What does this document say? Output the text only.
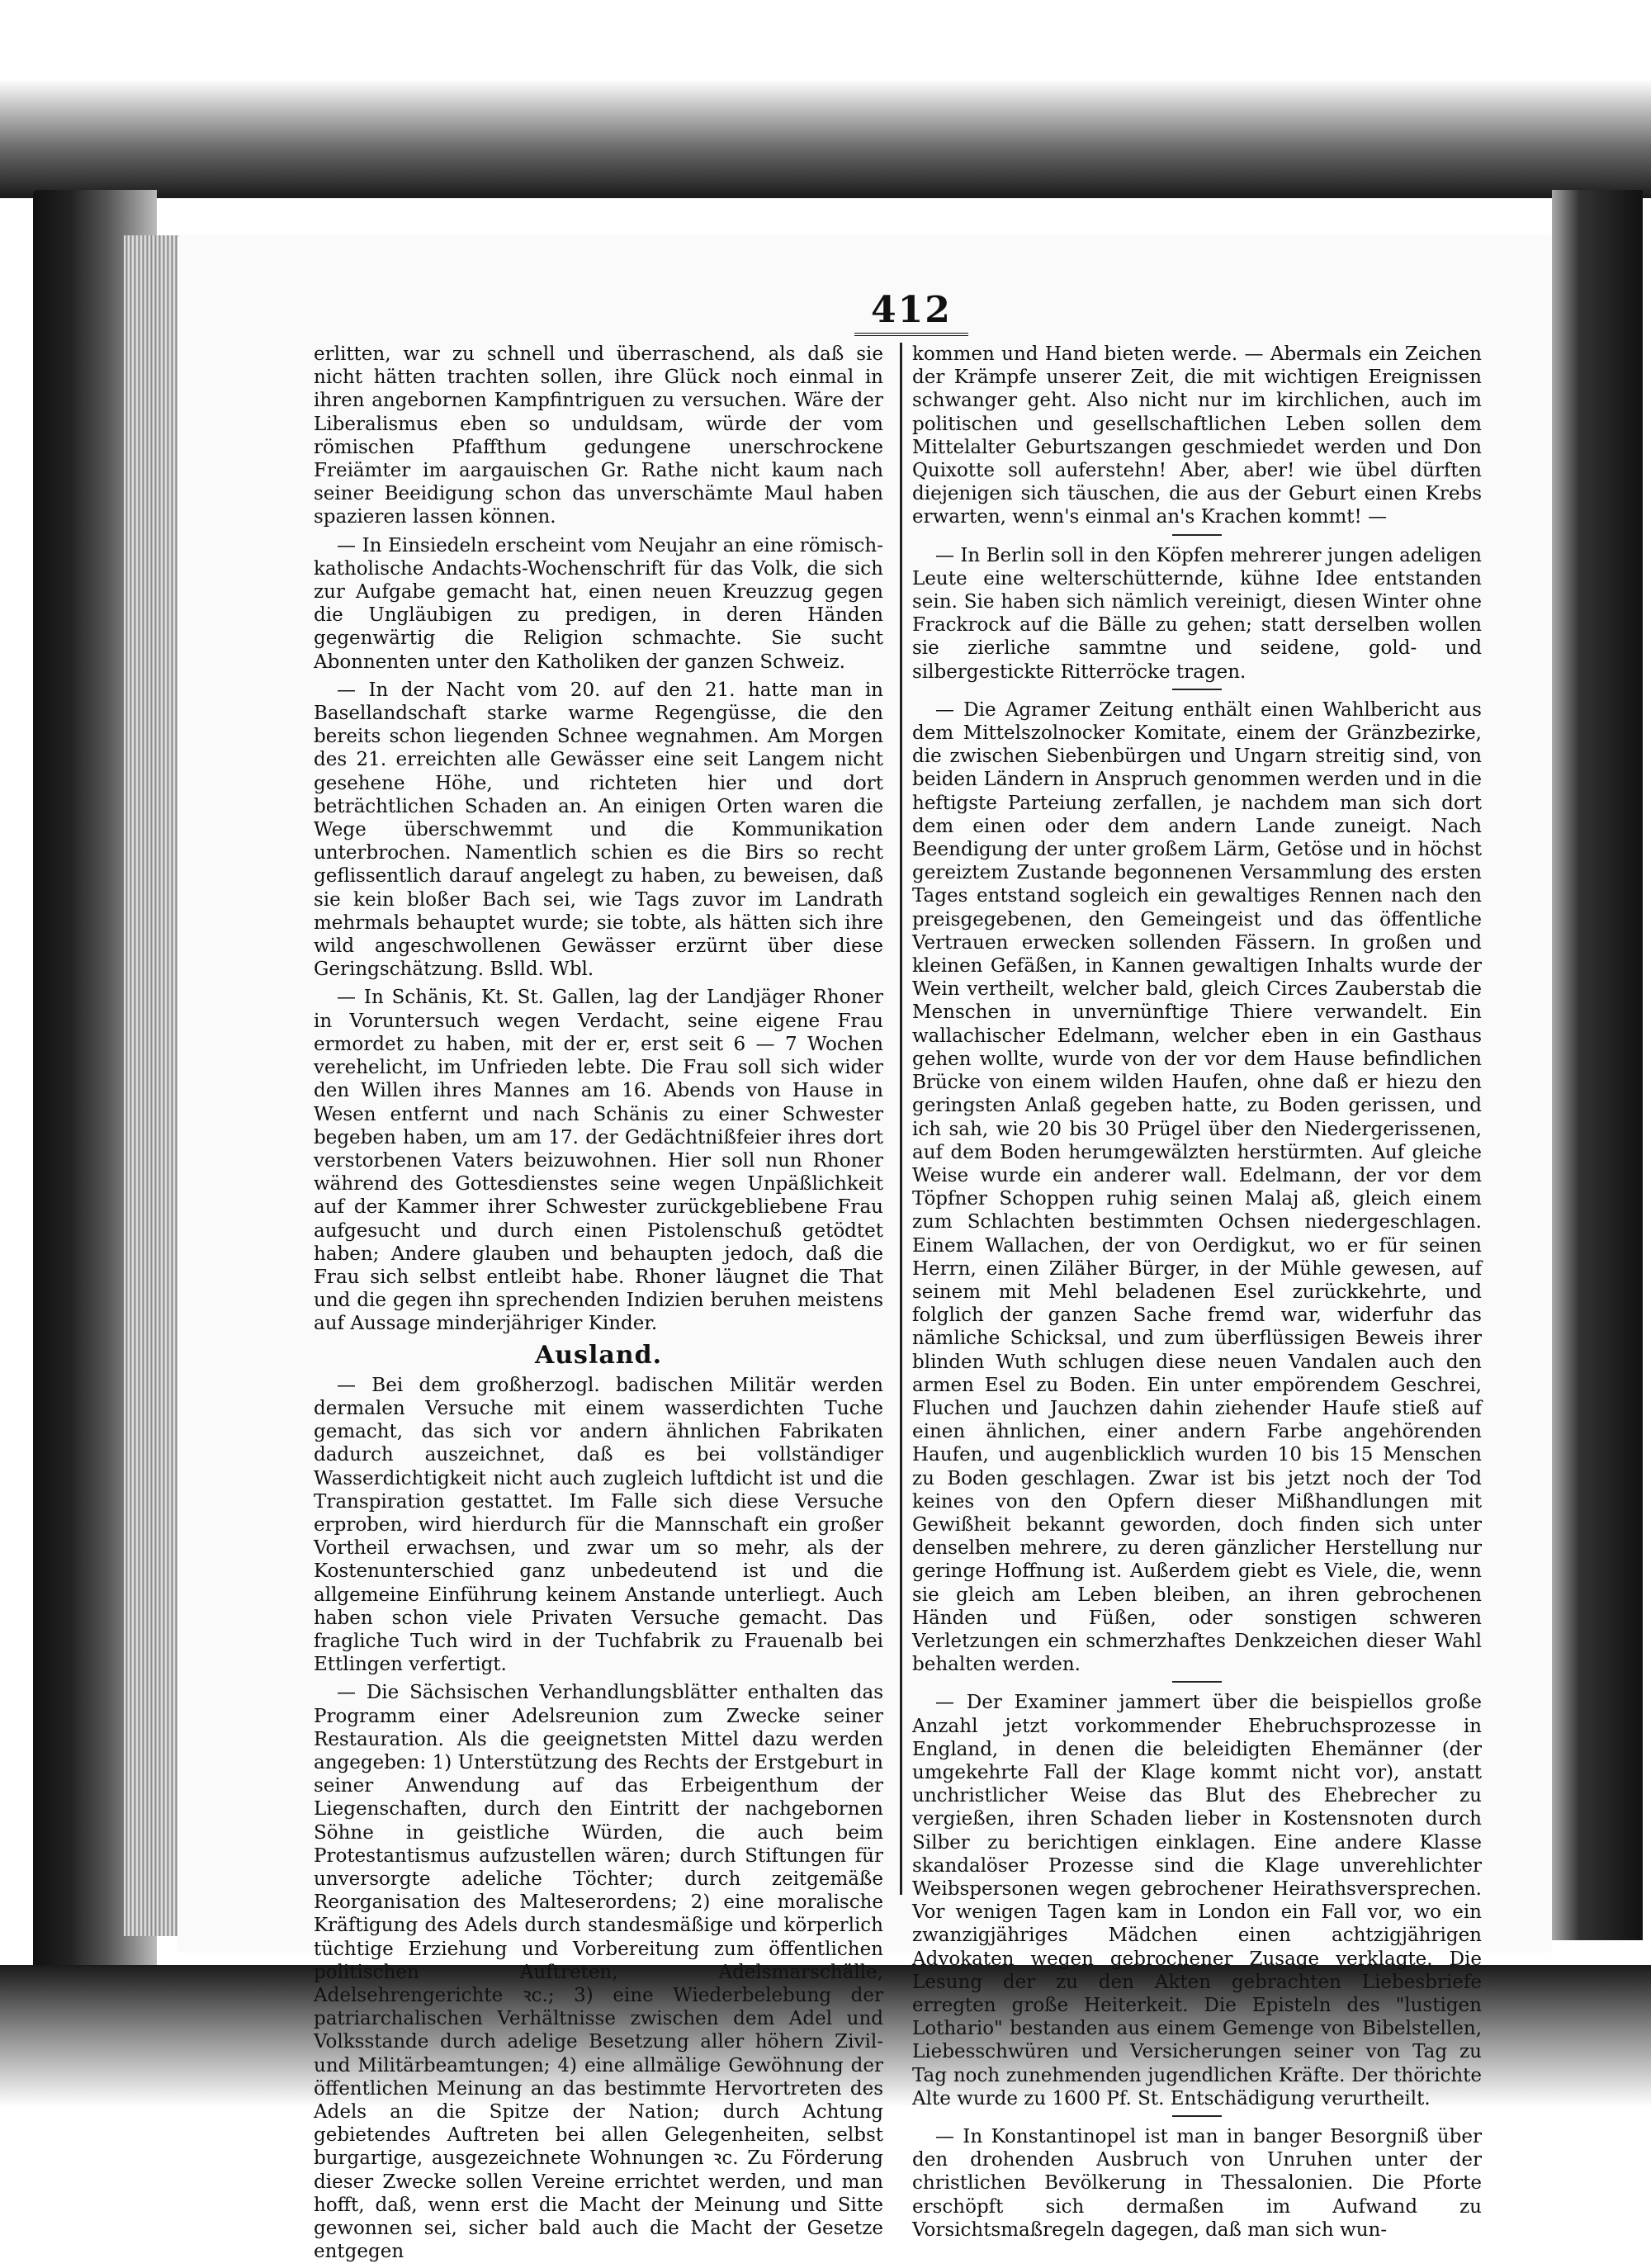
412

erlitten, war zu schnell und überraschend, als daß sie nicht hätten trachten sollen, ihre Glück noch einmal in ihren angebornen Kampfintriguen zu versuchen. Wäre der Liberalismus eben so unduldsam, würde der vom römischen Pfaffthum gedungene unerschrockene Freiämter im aargauischen Gr. Rathe nicht kaum nach seiner Beeidigung schon das unverschämte Maul haben spazieren lassen können.

— In Einsiedeln erscheint vom Neujahr an eine römisch-katholische Andachts-Wochenschrift für das Volk, die sich zur Aufgabe gemacht hat, einen neuen Kreuzzug gegen die Ungläubigen zu predigen, in deren Händen gegenwärtig die Religion schmachte. Sie sucht Abonnenten unter den Katholiken der ganzen Schweiz.

— In der Nacht vom 20. auf den 21. hatte man in Basellandschaft starke warme Regengüsse, die den bereits schon liegenden Schnee wegnahmen. Am Morgen des 21. erreichten alle Gewässer eine seit Langem nicht gesehene Höhe, und richteten hier und dort beträchtlichen Schaden an. An einigen Orten waren die Wege überschwemmt und die Kommunikation unterbrochen. Namentlich schien es die Birs so recht geflissentlich darauf angelegt zu haben, zu beweisen, daß sie kein bloßer Bach sei, wie Tags zuvor im Landrath mehrmals behauptet wurde; sie tobte, als hätten sich ihre wild angeschwollenen Gewässer erzürnt über diese Geringschätzung. Bslld. Wbl.

— In Schänis, Kt. St. Gallen, lag der Landjäger Rhoner in Voruntersuch wegen Verdacht, seine eigene Frau ermordet zu haben, mit der er, erst seit 6 — 7 Wochen verehelicht, im Unfrieden lebte. Die Frau soll sich wider den Willen ihres Mannes am 16. Abends von Hause in Wesen entfernt und nach Schänis zu einer Schwester begeben haben, um am 17. der Gedächtnißfeier ihres dort verstorbenen Vaters beizuwohnen. Hier soll nun Rhoner während des Gottesdienstes seine wegen Unpäßlichkeit auf der Kammer ihrer Schwester zurückgebliebene Frau aufgesucht und durch einen Pistolenschuß getödtet haben; Andere glauben und behaupten jedoch, daß die Frau sich selbst entleibt habe. Rhoner läugnet die That und die gegen ihn sprechenden Indizien beruhen meistens auf Aussage minderjähriger Kinder.

Ausland.

— Bei dem großherzogl. badischen Militär werden dermalen Versuche mit einem wasserdichten Tuche gemacht, das sich vor andern ähnlichen Fabrikaten dadurch auszeichnet, daß es bei vollständiger Wasserdichtigkeit nicht auch zugleich luftdicht ist und die Transpiration gestattet. Im Falle sich diese Versuche erproben, wird hierdurch für die Mannschaft ein großer Vortheil erwachsen, und zwar um so mehr, als der Kostenunterschied ganz unbedeutend ist und die allgemeine Einführung keinem Anstande unterliegt. Auch haben schon viele Privaten Versuche gemacht. Das fragliche Tuch wird in der Tuchfabrik zu Frauenalb bei Ettlingen verfertigt.

— Die Sächsischen Verhandlungsblätter enthalten das Programm einer Adelsreunion zum Zwecke seiner Restauration. Als die geeignetsten Mittel dazu werden angegeben: 1) Unterstützung des Rechts der Erstgeburt in seiner Anwendung auf das Erbeigenthum der Liegenschaften, durch den Eintritt der nachgebornen Söhne in geistliche Würden, die auch beim Protestantismus aufzustellen wären; durch Stiftungen für unversorgte adeliche Töchter; durch zeitgemäße Reorganisation des Malteserordens; 2) eine moralische Kräftigung des Adels durch standesmäßige und körperlich tüchtige Erziehung und Vorbereitung zum öffentlichen politischen Auftreten, Adelsmarschälle, Adelsehrengerichte ꝛc.; 3) eine Wiederbelebung der patriarchalischen Verhältnisse zwischen dem Adel und Volksstande durch adelige Besetzung aller höhern Zivil- und Militärbeamtungen; 4) eine allmälige Gewöhnung der öffentlichen Meinung an das bestimmte Hervortreten des Adels an die Spitze der Nation; durch Achtung gebietendes Auftreten bei allen Gelegenheiten, selbst burgartige, ausgezeichnete Wohnungen ꝛc. Zu Förderung dieser Zwecke sollen Vereine errichtet werden, und man hofft, daß, wenn erst die Macht der Meinung und Sitte gewonnen sei, sicher bald auch die Macht der Gesetze entgegen

kommen und Hand bieten werde. — Abermals ein Zeichen der Krämpfe unserer Zeit, die mit wichtigen Ereignissen schwanger geht. Also nicht nur im kirchlichen, auch im politischen und gesellschaftlichen Leben sollen dem Mittelalter Geburtszangen geschmiedet werden und Don Quixotte soll auferstehn! Aber, aber! wie übel dürften diejenigen sich täuschen, die aus der Geburt einen Krebs erwarten, wenn's einmal an's Krachen kommt! —

— In Berlin soll in den Köpfen mehrerer jungen adeligen Leute eine welterschütternde, kühne Idee entstanden sein. Sie haben sich nämlich vereinigt, diesen Winter ohne Frackrock auf die Bälle zu gehen; statt derselben wollen sie zierliche sammtne und seidene, gold- und silbergestickte Ritterröcke tragen.

— Die Agramer Zeitung enthält einen Wahlbericht aus dem Mittelszolnocker Komitate, einem der Gränzbezirke, die zwischen Siebenbürgen und Ungarn streitig sind, von beiden Ländern in Anspruch genommen werden und in die heftigste Parteiung zerfallen, je nachdem man sich dort dem einen oder dem andern Lande zuneigt. Nach Beendigung der unter großem Lärm, Getöse und in höchst gereiztem Zustande begonnenen Versammlung des ersten Tages entstand sogleich ein gewaltiges Rennen nach den preisgegebenen, den Gemeingeist und das öffentliche Vertrauen erwecken sollenden Fässern. In großen und kleinen Gefäßen, in Kannen gewaltigen Inhalts wurde der Wein vertheilt, welcher bald, gleich Circes Zauberstab die Menschen in unvernünftige Thiere verwandelt. Ein wallachischer Edelmann, welcher eben in ein Gasthaus gehen wollte, wurde von der vor dem Hause befindlichen Brücke von einem wilden Haufen, ohne daß er hiezu den geringsten Anlaß gegeben hatte, zu Boden gerissen, und ich sah, wie 20 bis 30 Prügel über den Niedergerissenen, auf dem Boden herumgewälzten herstürmten. Auf gleiche Weise wurde ein anderer wall. Edelmann, der vor dem Töpfner Schoppen ruhig seinen Malaj aß, gleich einem zum Schlachten bestimmten Ochsen niedergeschlagen. Einem Wallachen, der von Oerdigkut, wo er für seinen Herrn, einen Ziläher Bürger, in der Mühle gewesen, auf seinem mit Mehl beladenen Esel zurückkehrte, und folglich der ganzen Sache fremd war, widerfuhr das nämliche Schicksal, und zum überflüssigen Beweis ihrer blinden Wuth schlugen diese neuen Vandalen auch den armen Esel zu Boden. Ein unter empörendem Geschrei, Fluchen und Jauchzen dahin ziehender Haufe stieß auf einen ähnlichen, einer andern Farbe angehörenden Haufen, und augenblicklich wurden 10 bis 15 Menschen zu Boden geschlagen. Zwar ist bis jetzt noch der Tod keines von den Opfern dieser Mißhandlungen mit Gewißheit bekannt geworden, doch finden sich unter denselben mehrere, zu deren gänzlicher Herstellung nur geringe Hoffnung ist. Außerdem giebt es Viele, die, wenn sie gleich am Leben bleiben, an ihren gebrochenen Händen und Füßen, oder sonstigen schweren Verletzungen ein schmerzhaftes Denkzeichen dieser Wahl behalten werden.

— Der Examiner jammert über die beispiellos große Anzahl jetzt vorkommender Ehebruchsprozesse in England, in denen die beleidigten Ehemänner (der umgekehrte Fall der Klage kommt nicht vor), anstatt unchristlicher Weise das Blut des Ehebrecher zu vergießen, ihren Schaden lieber in Kostensnoten durch Silber zu berichtigen einklagen. Eine andere Klasse skandalöser Prozesse sind die Klage unverehlichter Weibspersonen wegen gebrochener Heirathsversprechen. Vor wenigen Tagen kam in London ein Fall vor, wo ein zwanzigjähriges Mädchen einen achtzigjährigen Advokaten wegen gebrochener Zusage verklagte. Die Lesung der zu den Akten gebrachten Liebesbriefe erregten große Heiterkeit. Die Episteln des "lustigen Lothario" bestanden aus einem Gemenge von Bibelstellen, Liebesschwüren und Versicherungen seiner von Tag zu Tag noch zunehmenden jugendlichen Kräfte. Der thörichte Alte wurde zu 1600 Pf. St. Entschädigung verurtheilt.

— In Konstantinopel ist man in banger Besorgniß über den drohenden Ausbruch von Unruhen unter der christlichen Bevölkerung in Thessalonien. Die Pforte erschöpft sich dermaßen im Aufwand zu Vorsichtsmaßregeln dagegen, daß man sich wun-
